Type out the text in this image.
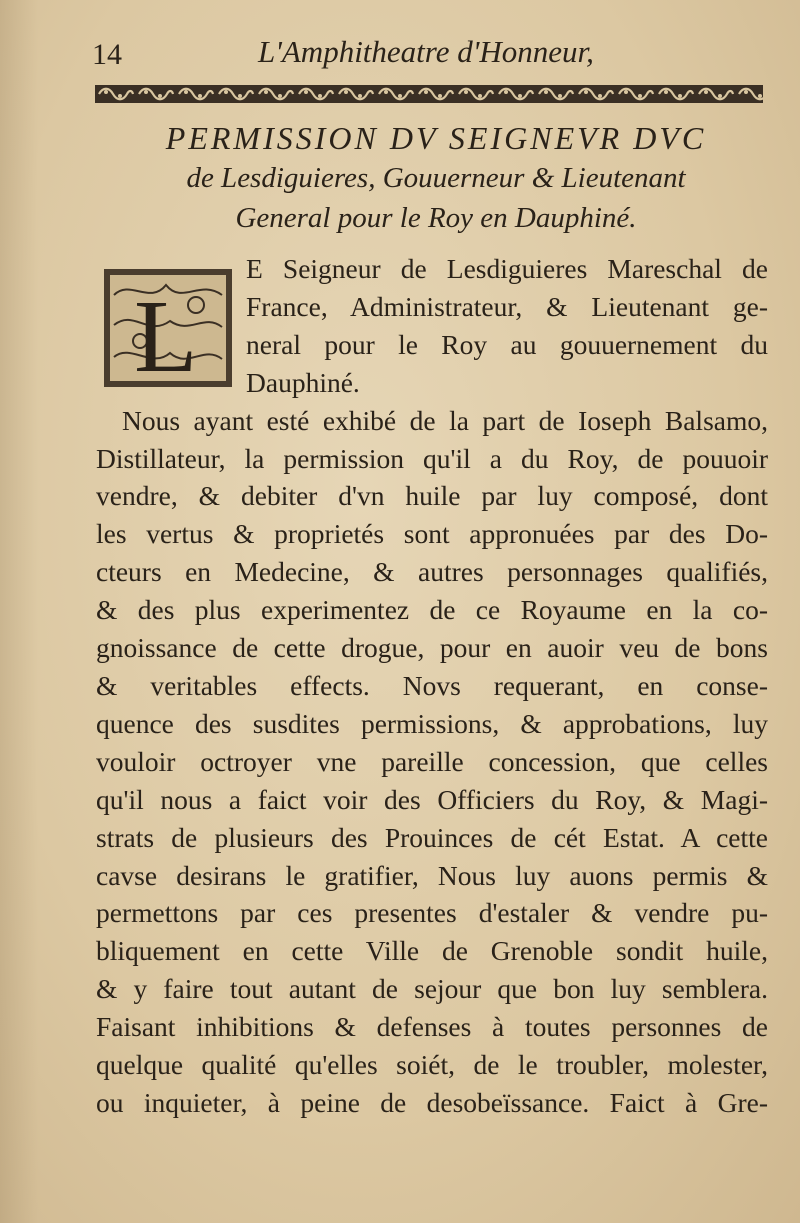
14	L'Amphitheatre d'Honneur,
PERMISSION DV SEIGNEVR DVC
de Lesdiguieres, Gouuerneur & Lieutenant
General pour le Roy en Dauphiné.
L
E Seigneur de Lesdiguieres Mareschal de
France, Administrateur, & Lieutenant ge-
neral pour le Roy au gouuernement du
Dauphiné.
Nous ayant esté exhibé de la part de Ioseph Balsamo,
Distillateur, la permission qu'il a du Roy, de pouuoir
vendre, & debiter d'vn huile par luy composé, dont
les vertus & proprietés sont appronuées par des Do-
cteurs en Medecine, & autres personnages qualifiés,
& des plus experimentez de ce Royaume en la co-
gnoissance de cette drogue, pour en auoir veu de bons
& veritables effects. Novs requerant, en conse-
quence des susdites permissions, & approbations, luy
vouloir octroyer vne pareille concession, que celles
qu'il nous a faict voir des Officiers du Roy, & Magi-
strats de plusieurs des Prouinces de cét Estat. A cette
cavse desirans le gratifier, Nous luy auons permis &
permettons par ces presentes d'estaler & vendre pu-
bliquement en cette Ville de Grenoble sondit huile,
& y faire tout autant de sejour que bon luy semblera.
Faisant inhibitions & defenses à toutes personnes de
quelque qualité qu'elles soiét, de le troubler, molester,
ou inquieter, à peine de desobeïssance. Faict à Gre-
